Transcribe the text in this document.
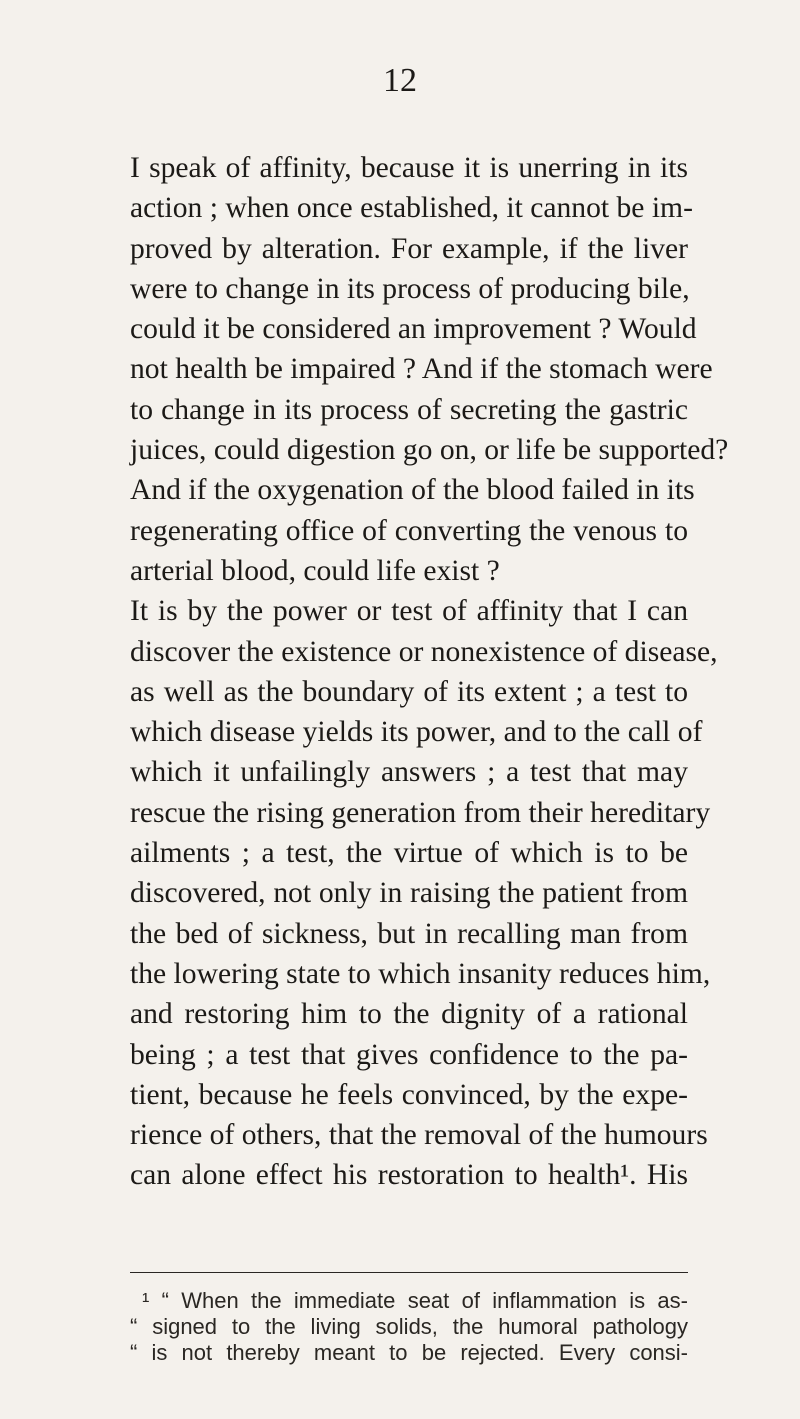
12
I speak of affinity, because it is unerring in its
action ; when once established, it cannot be im-
proved by alteration. For example, if the liver
were to change in its process of producing bile,
could it be considered an improvement ? Would
not health be impaired ? And if the stomach were
to change in its process of secreting the gastric
juices, could digestion go on, or life be supported?
And if the oxygenation of the blood failed in its
regenerating office of converting the venous to
arterial blood, could life exist ?
It is by the power or test of affinity that I can
discover the existence or nonexistence of disease,
as well as the boundary of its extent ; a test to
which disease yields its power, and to the call of
which it unfailingly answers ; a test that may
rescue the rising generation from their hereditary
ailments ; a test, the virtue of which is to be
discovered, not only in raising the patient from
the bed of sickness, but in recalling man from
the lowering state to which insanity reduces him,
and restoring him to the dignity of a rational
being ; a test that gives confidence to the pa-
tient, because he feels convinced, by the expe-
rience of others, that the removal of the humours
can alone effect his restoration to health¹. His
¹ “ When the immediate seat of inflammation is as-
“ signed to the living solids, the humoral pathology
“ is not thereby meant to be rejected. Every consi-
